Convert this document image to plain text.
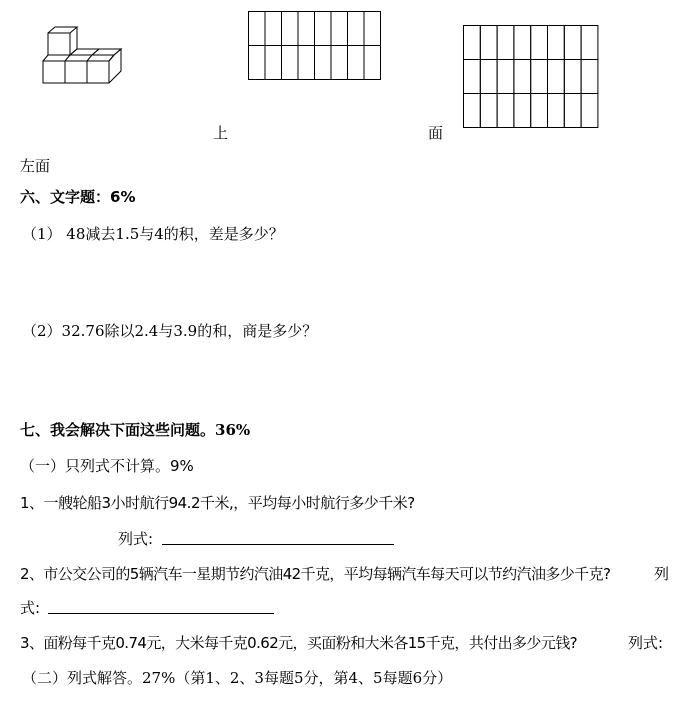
上	面
左面
六、文字题：6%
（1） 48减去1.5与4的积，差是多少？
（2）32.76除以2.4与3.9的和，商是多少？
七、我会解决下面这些问题。36%
（一）只列式不计算。9%
1、一艘轮船3小时航行94.2千米,，平均每小时航行多少千米?
列式:
2、市公交公司的5辆汽车一星期节约汽油42千克，平均每辆汽车每天可以节约汽油多少千克?	列
式:
3、面粉每千克0.74元，大米每千克0.62元，买面粉和大米各15千克，共付出多少元钱?	列式:
（二）列式解答。27%（第1、2、3每题5分，第4、5每题6分）
